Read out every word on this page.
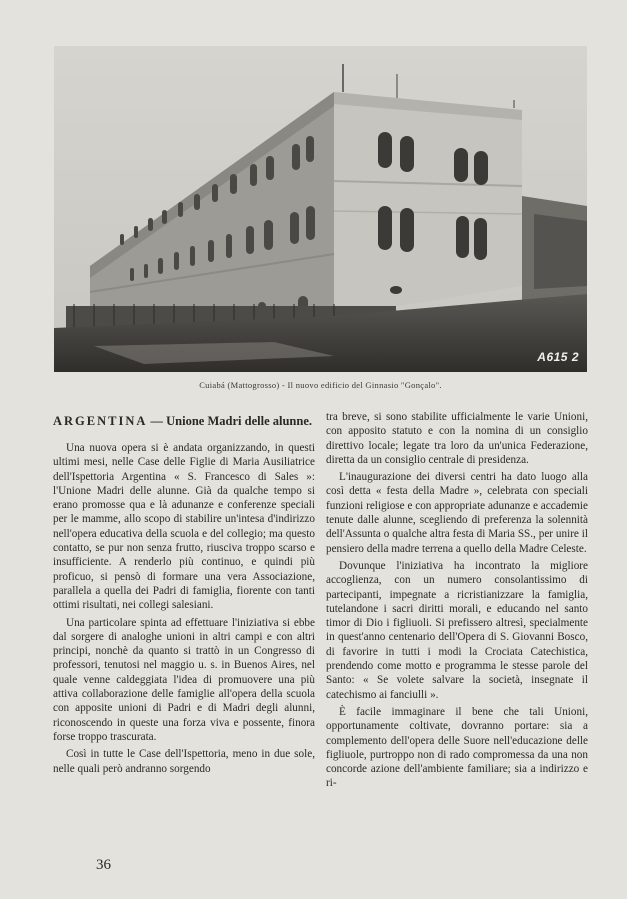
A615 2
Cuiabá (Mattogrosso) - Il nuovo edificio del Ginnasio "Gonçalo".
ARGENTINA — Unione Madri delle alunne.

Una nuova opera si è andata organizzando, in questi ultimi mesi, nelle Case delle Figlie di Maria Ausiliatrice dell'Ispettoria Argentina « S. Francesco di Sales »: l'Unione Madri delle alunne. Già da qualche tempo si erano promosse qua e là adunanze e conferenze speciali per le mamme, allo scopo di stabilire un'intesa d'indirizzo nell'opera educativa della scuola e del collegio; ma questo contatto, se pur non senza frutto, riusciva troppo scarso e insufficiente. A renderlo più continuo, e quindi più proficuo, si pensò di formare una vera Associazione, parallela a quella dei Padri di famiglia, fiorente con tanti ottimi risultati, nei collegi salesiani.

Una particolare spinta ad effettuare l'iniziativa si ebbe dal sorgere di analoghe unioni in altri campi e con altri principi, nonchè da quanto si trattò in un Congresso di professori, tenutosi nel maggio u. s. in Buenos Aires, nel quale venne caldeggiata l'idea di promuovere una più attiva collaborazione delle famiglie all'opera della scuola con apposite unioni di Padri e di Madri degli alunni, riconoscendo in queste una forza viva e possente, finora forse troppo trascurata.

Così in tutte le Case dell'Ispettoria, meno in due sole, nelle quali però andranno sorgendo

tra breve, si sono stabilite ufficialmente le varie Unioni, con apposito statuto e con la nomina di un consiglio direttivo locale; legate tra loro da un'unica Federazione, diretta da un consiglio centrale di presidenza.

L'inaugurazione dei diversi centri ha dato luogo alla così detta « festa della Madre », celebrata con speciali funzioni religiose e con appropriate adunanze e accademie tenute dalle alunne, scegliendo di preferenza la solennità dell'Assunta o qualche altra festa di Maria SS., per unire il pensiero della madre terrena a quello della Madre Celeste.

Dovunque l'iniziativa ha incontrato la migliore accoglienza, con un numero consolantissimo di partecipanti, impegnate a ricristianizzare la famiglia, tutelandone i sacri diritti morali, e educando nel santo timor di Dio i figliuoli. Si prefissero altresì, specialmente in quest'anno centenario dell'Opera di S. Giovanni Bosco, di favorire in tutti i modi la Crociata Catechistica, prendendo come motto e programma le stesse parole del Santo: « Se volete salvare la società, insegnate il catechismo ai fanciulli ».

È facile immaginare il bene che tali Unioni, opportunamente coltivate, dovranno portare: sia a complemento dell'opera delle Suore nell'educazione delle figliuole, purtroppo non di rado compromessa da una non concorde azione dell'ambiente familiare; sia a indirizzo e ri-

36
